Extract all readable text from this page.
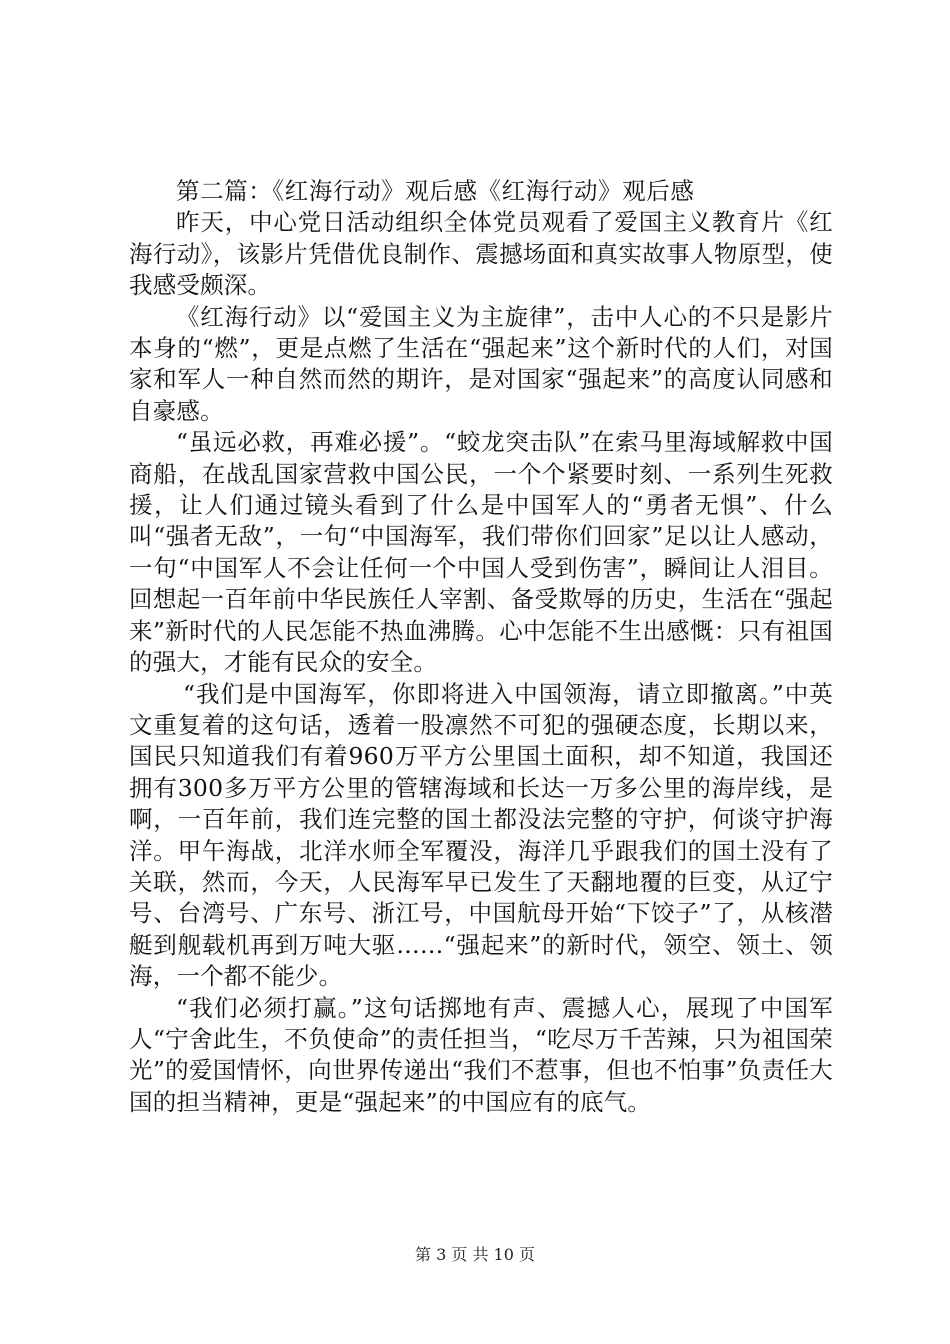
第二篇：《红海行动》观后感《红海行动》观后感

昨天，中心党日活动组织全体党员观看了爱国主义教育片《红海行动》，该影片凭借优良制作、震撼场面和真实故事人物原型，使我感受颇深。

《红海行动》以“爱国主义为主旋律”，击中人心的不只是影片本身的“燃”，更是点燃了生活在“强起来”这个新时代的人们，对国家和军人一种自然而然的期许，是对国家“强起来”的高度认同感和自豪感。

“虽远必救，再难必援”。“蛟龙突击队”在索马里海域解救中国商船，在战乱国家营救中国公民，一个个紧要时刻、一系列生死救援，让人们通过镜头看到了什么是中国军人的“勇者无惧”、什么叫“强者无敌”，一句“中国海军，我们带你们回家”足以让人感动，一句“中国军人不会让任何一个中国人受到伤害”，瞬间让人泪目。回想起一百年前中华民族任人宰割、备受欺辱的历史，生活在“强起来”新时代的人民怎能不热血沸腾。心中怎能不生出感慨：只有祖国的强大，才能有民众的安全。

“我们是中国海军，你即将进入中国领海，请立即撤离。”中英文重复着的这句话，透着一股凛然不可犯的强硬态度，长期以来，国民只知道我们有着960万平方公里国土面积，却不知道，我国还拥有300多万平方公里的管辖海域和长达一万多公里的海岸线，是啊，一百年前，我们连完整的国土都没法完整的守护，何谈守护海洋。甲午海战，北洋水师全军覆没，海洋几乎跟我们的国土没有了关联，然而，今天，人民海军早已发生了天翻地覆的巨变，从辽宁号、台湾号、广东号、浙江号，中国航母开始“下饺子”了，从核潜艇到舰载机再到万吨大驱……“强起来”的新时代，领空、领土、领海，一个都不能少。

“我们必须打赢。”这句话掷地有声、震撼人心，展现了中国军人“宁舍此生，不负使命”的责任担当，“吃尽万千苦辣，只为祖国荣光”的爱国情怀，向世界传递出“我们不惹事，但也不怕事”负责任大国的担当精神，更是“强起来”的中国应有的底气。

第 3 页 共 10 页
